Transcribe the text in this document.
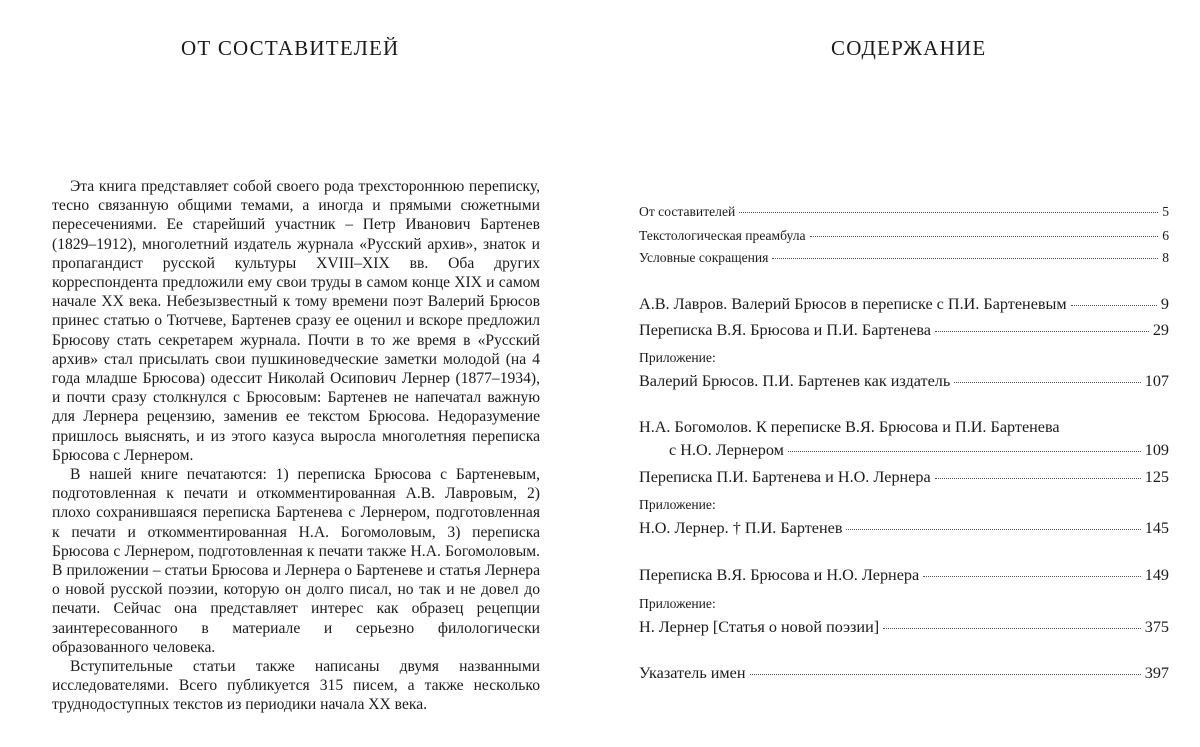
ОТ СОСТАВИТЕЛЕЙ

Эта книга представляет собой своего рода трехстороннюю переписку, тесно связанную общими темами, а иногда и прямыми сюжетными пересечениями. Ее старейший участник – Петр Иванович Бартенев (1829–1912), многолетний издатель журнала «Русский архив», знаток и пропагандист русской культуры XVIII–XIX вв. Оба других корреспондента предложили ему свои труды в самом конце XIX и самом начале XX века. Небезызвестный к тому времени поэт Валерий Брюсов принес статью о Тютчеве, Бартенев сразу ее оценил и вскоре предложил Брюсову стать секретарем журнала. Почти в то же время в «Русский архив» стал присылать свои пушкиноведческие заметки молодой (на 4 года младше Брюсова) одессит Николай Осипович Лернер (1877–1934), и почти сразу столкнулся с Брюсовым: Бартенев не напечатал важную для Лернера рецензию, заменив ее текстом Брюсова. Недоразумение пришлось выяснять, и из этого казуса выросла многолетняя переписка Брюсова с Лернером.

В нашей книге печатаются: 1) переписка Брюсова с Бартеневым, подготовленная к печати и откомментированная А.В. Лавровым, 2) плохо сохранившаяся переписка Бартенева с Лернером, подготовленная к печати и откомментированная Н.А. Богомоловым, 3) переписка Брюсова с Лернером, подготовленная к печати также Н.А. Богомоловым. В приложении – статьи Брюсова и Лернера о Бартеневе и статья Лернера о новой русской поэзии, которую он долго писал, но так и не довел до печати. Сейчас она представляет интерес как образец рецепции заинтересованного в материале и серьезно филологически образованного человека.

Вступительные статьи также написаны двумя названными исследователями. Всего публикуется 315 писем, а также несколько труднодоступных текстов из периодики начала XX века.

СОДЕРЖАНИЕ
От составителей	5
Текстологическая преамбула	6
Условные сокращения	8
А.В. Лавров. Валерий Брюсов в переписке с П.И. Бартеневым	9
Переписка В.Я. Брюсова и П.И. Бартенева	29
Приложение:
Валерий Брюсов. П.И. Бартенев как издатель	107
Н.А. Богомолов. К переписке В.Я. Брюсова и П.И. Бартенева
с Н.О. Лернером	109
Переписка П.И. Бартенева и Н.О. Лернера	125
Приложение:
Н.О. Лернер. † П.И. Бартенев	145
Переписка В.Я. Брюсова и Н.О. Лернера	149
Приложение:
Н. Лернер [Статья о новой поэзии]	375
Указатель имен	397
